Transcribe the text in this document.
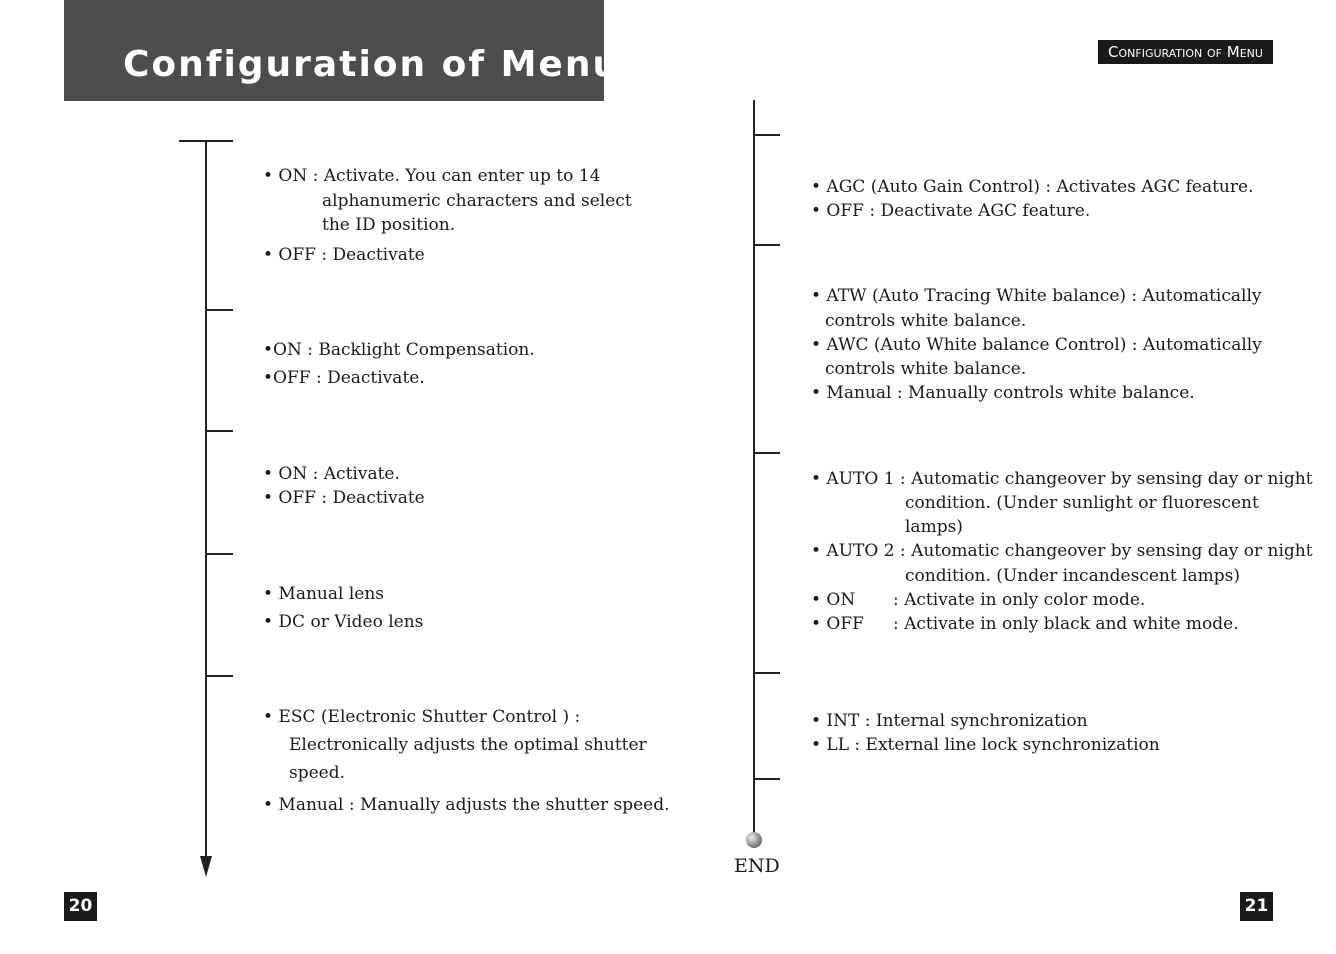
Configuration of Menu	Configuration of Menu
• ON : Activate. You can enter up to 14
alphanumeric characters and select
the ID position.
• OFF : Deactivate
•ON : Backlight Compensation.
•OFF : Deactivate.
• ON : Activate.
• OFF : Deactivate
• Manual lens
• DC or Video lens
• ESC (Electronic Shutter Control ) :
Electronically adjusts the optimal shutter
speed.
• Manual : Manually adjusts the shutter speed.
END
• AGC (Auto Gain Control) : Activates AGC feature.
• OFF : Deactivate AGC feature.
• ATW (Auto Tracing White balance) : Automatically
controls white balance.
• AWC (Auto White balance Control) : Automatically
controls white balance.
• Manual : Manually controls white balance.
• AUTO 1 : Automatic changeover by sensing day or night
condition. (Under sunlight or fluorescent
lamps)
• AUTO 2 : Automatic changeover by sensing day or night
condition. (Under incandescent lamps)
• ON : Activate in only color mode.
• OFF : Activate in only black and white mode.
• INT : Internal synchronization
• LL : External line lock synchronization
20	21
